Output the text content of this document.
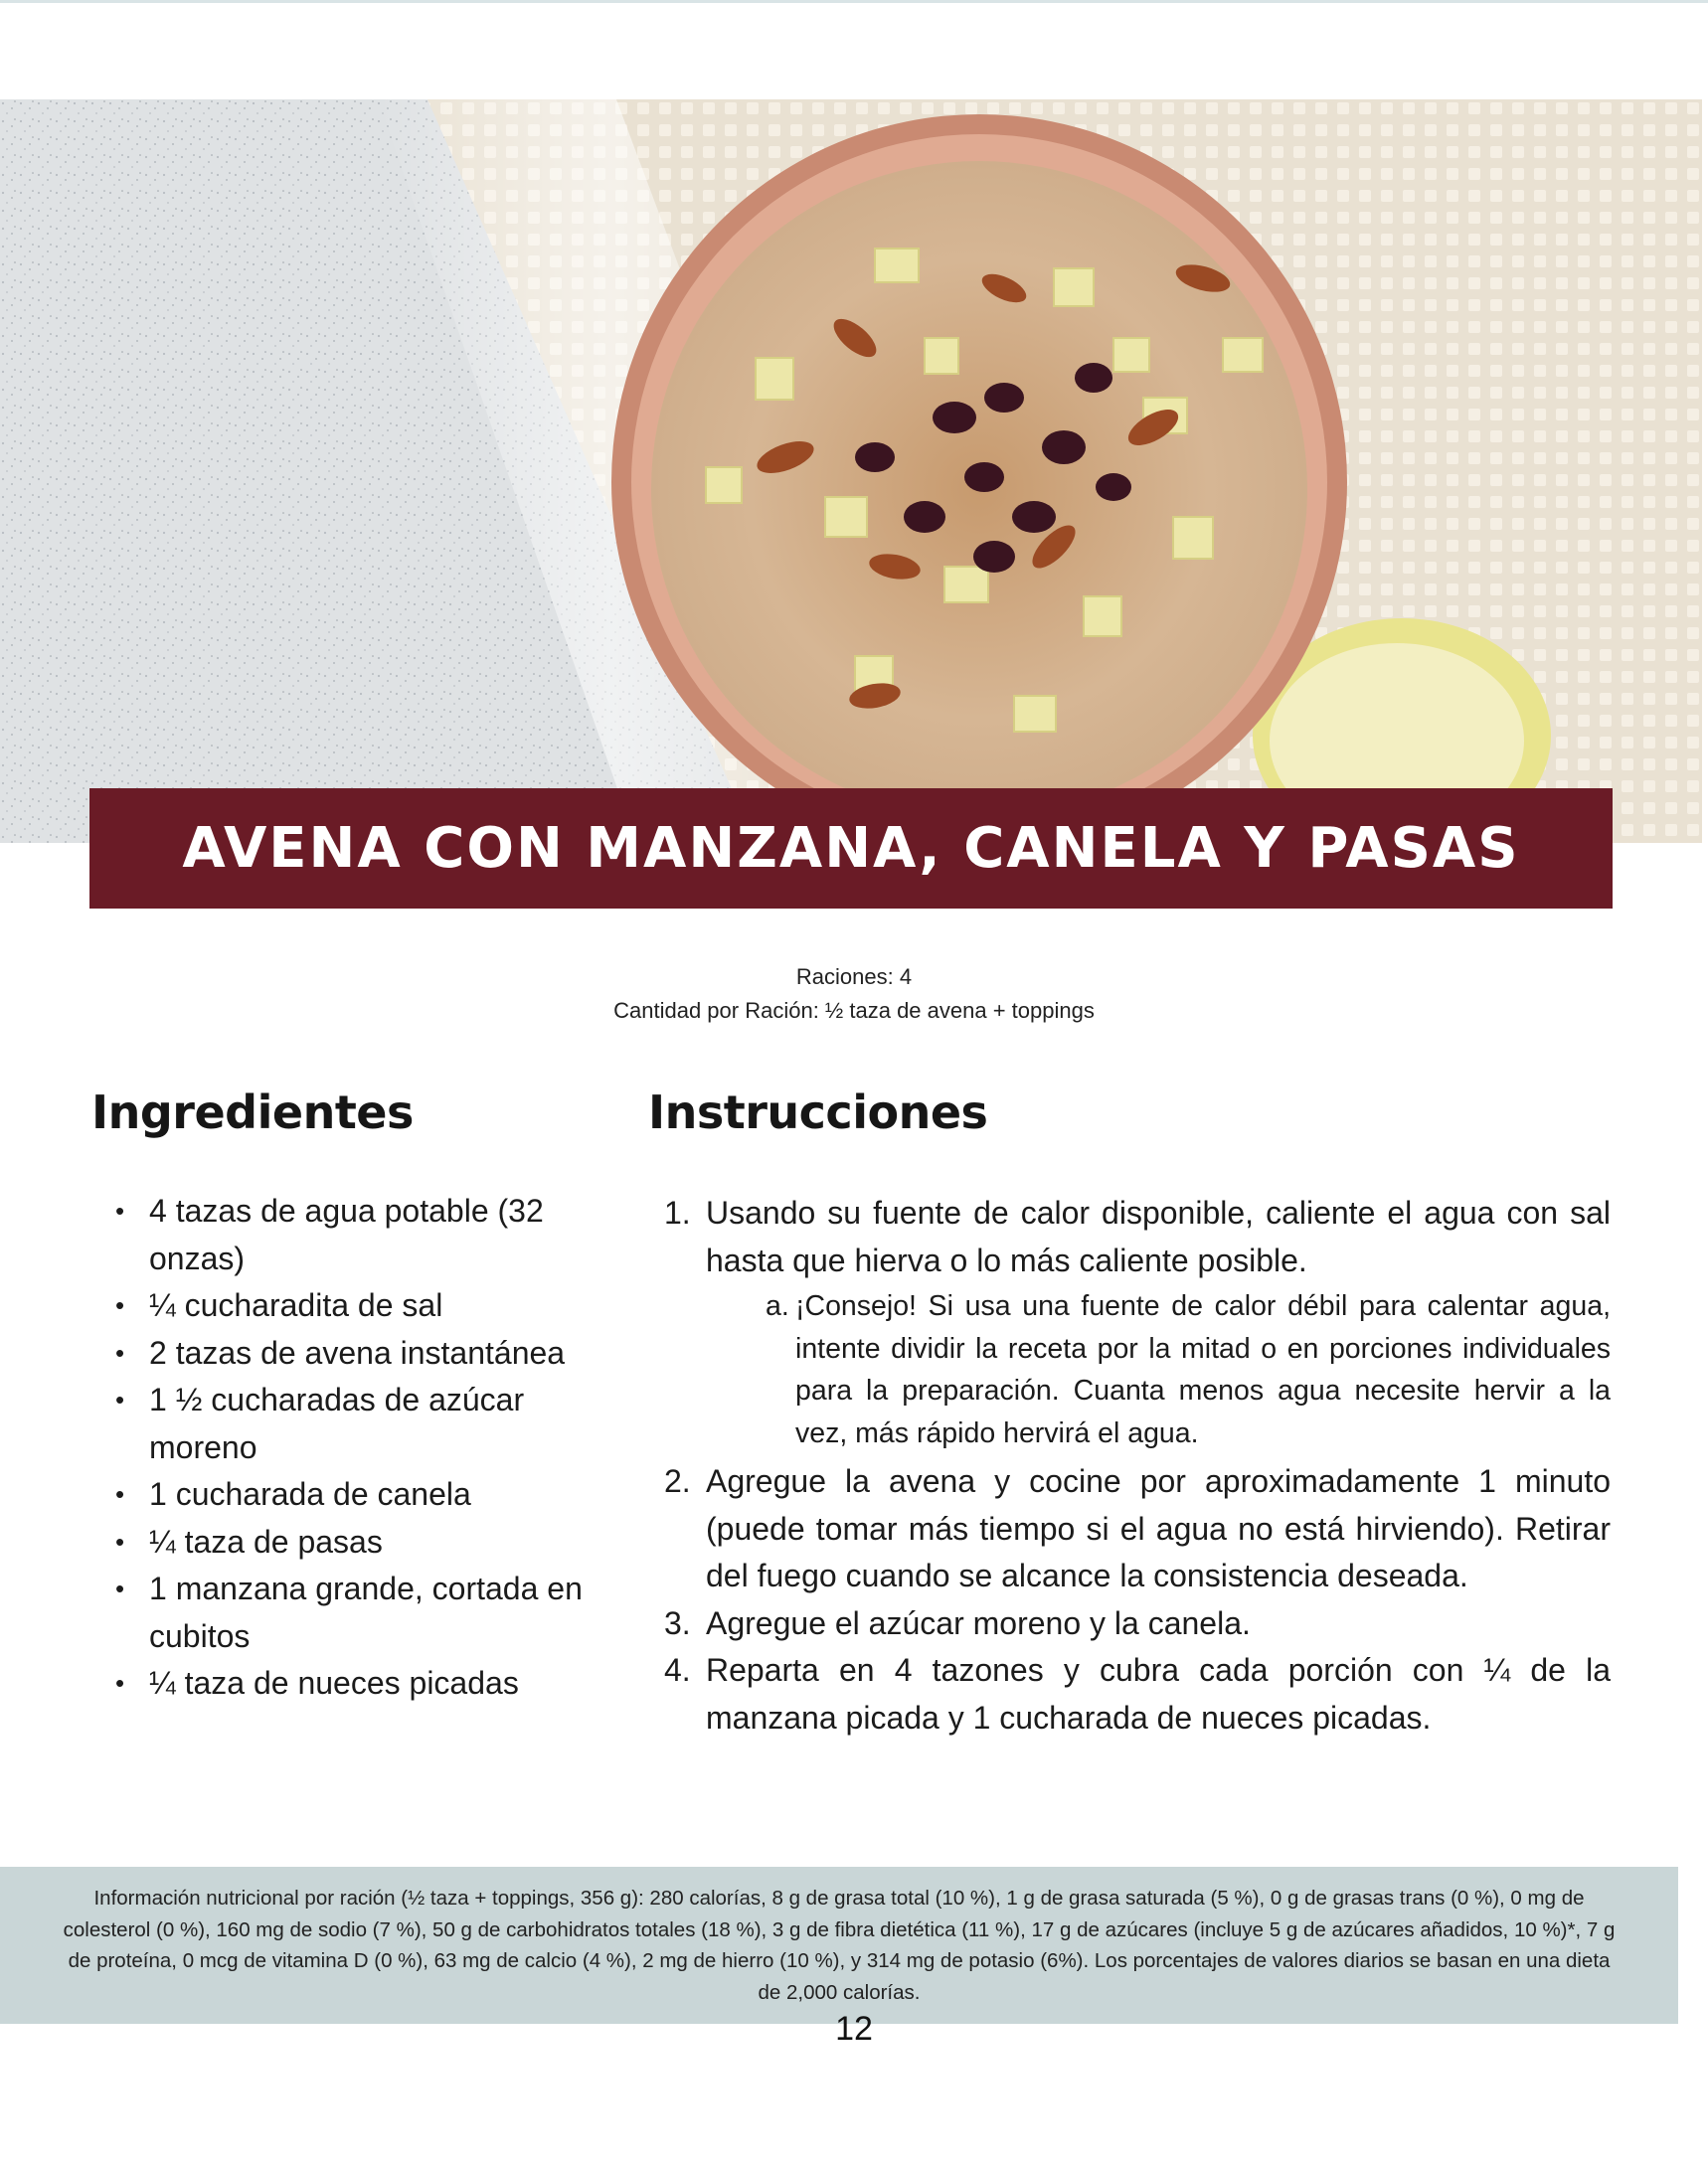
AVENA CON MANZANA, CANELA Y PASAS
Raciones: 4
Cantidad por Ración: ½ taza de avena + toppings
Ingredientes	Instrucciones
• 4 tazas de agua potable (32 onzas)
• ¼ cucharadita de sal
• 2 tazas de avena instantánea
• 1 ½ cucharadas de azúcar moreno
• 1 cucharada de canela
• ¼ taza de pasas
• 1 manzana grande, cortada en cubitos
• ¼ taza de nueces picadas
1. Usando su fuente de calor disponible, caliente el agua con sal hasta que hierva o lo más caliente posible.
a. ¡Consejo! Si usa una fuente de calor débil para calentar agua, intente dividir la receta por la mitad o en porciones individuales para la preparación. Cuanta menos agua necesite hervir a la vez, más rápido hervirá el agua.
2. Agregue la avena y cocine por aproximadamente 1 minuto (puede tomar más tiempo si el agua no está hirviendo). Retirar del fuego cuando se alcance la consistencia deseada.
3. Agregue el azúcar moreno y la canela.
4. Reparta en 4 tazones y cubra cada porción con ¼ de la manzana picada y 1 cucharada de nueces picadas.

Información nutricional por ración (½ taza + toppings, 356 g): 280 calorías, 8 g de grasa total (10 %), 1 g de grasa saturada (5 %), 0 g de grasas trans (0 %), 0 mg de colesterol (0 %), 160 mg de sodio (7 %), 50 g de carbohidratos totales (18 %), 3 g de fibra dietética (11 %), 17 g de azúcares (incluye 5 g de azúcares añadidos, 10 %)*, 7 g de proteína, 0 mcg de vitamina D (0 %), 63 mg de calcio (4 %), 2 mg de hierro (10 %), y 314 mg de potasio (6%). Los porcentajes de valores diarios se basan en una dieta de 2,000 calorías.

12
